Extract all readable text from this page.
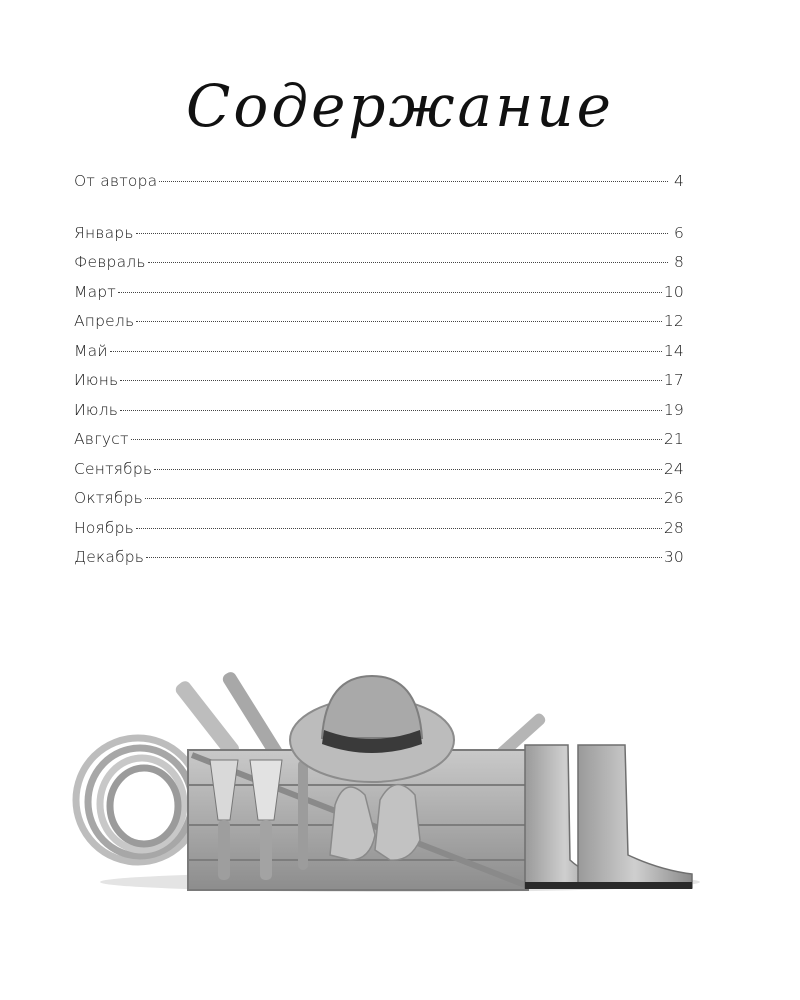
Содержание
От автора	4
Январь	6
Февраль	8
Март	10
Апрель	12
Май	14
Июнь	17
Июль	19
Август	21
Сентябрь	24
Октябрь	26
Ноябрь	28
Декабрь	30
